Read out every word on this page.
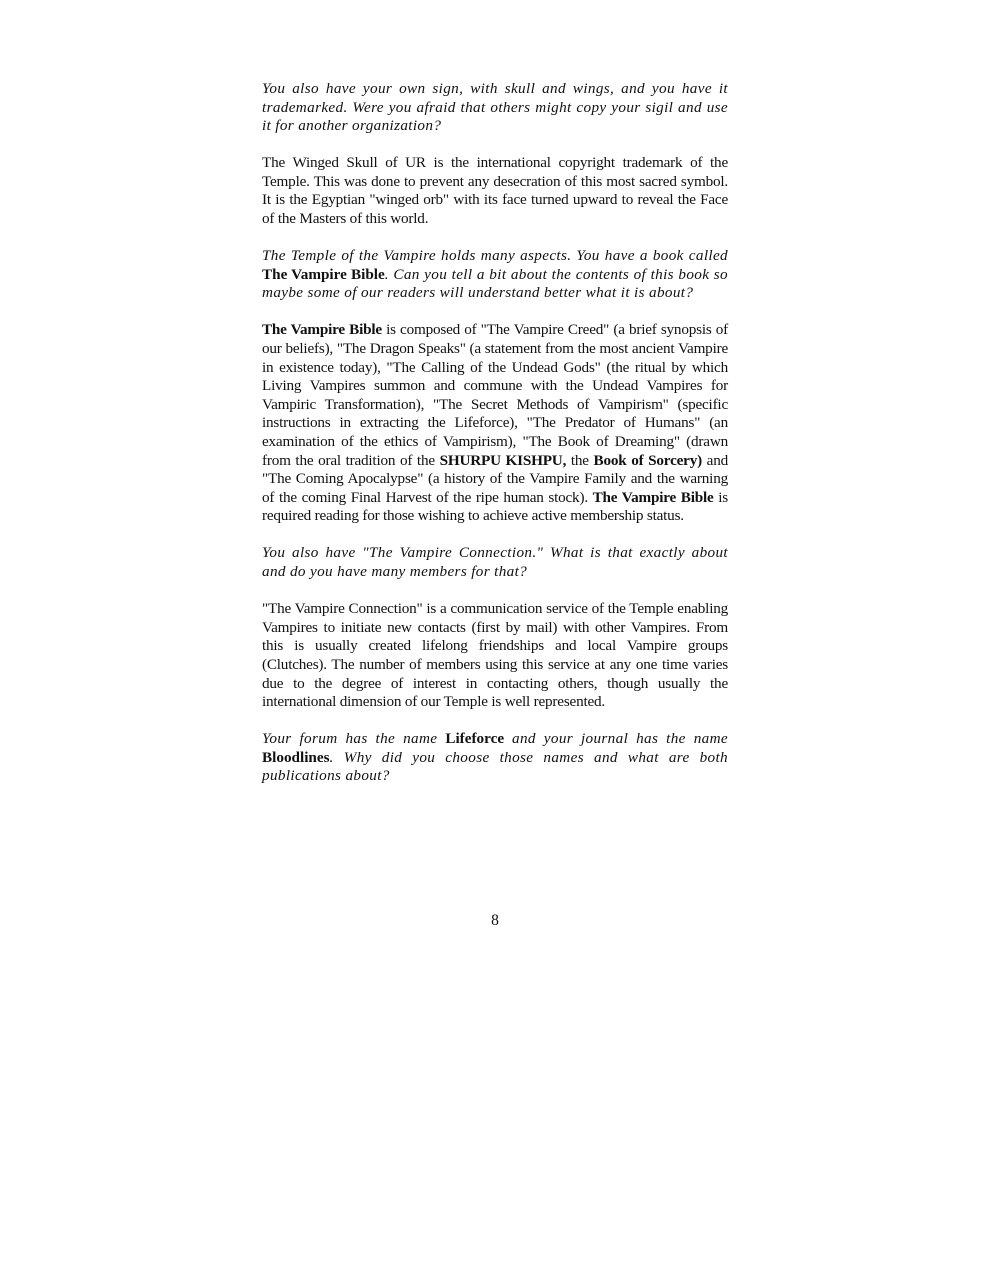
You also have your own sign, with skull and wings, and you have it trademarked. Were you afraid that others might copy your sigil and use it for another organization?

The Winged Skull of UR is the international copyright trademark of the Temple. This was done to prevent any desecration of this most sacred symbol. It is the Egyptian "winged orb" with its face turned upward to reveal the Face of the Masters of this world.

The Temple of the Vampire holds many aspects. You have a book called The Vampire Bible. Can you tell a bit about the contents of this book so maybe some of our readers will understand better what it is about?

The Vampire Bible is composed of "The Vampire Creed" (a brief synopsis of our beliefs), "The Dragon Speaks" (a statement from the most ancient Vampire in existence today), "The Calling of the Undead Gods" (the ritual by which Living Vampires summon and commune with the Undead Vampires for Vampiric Transformation), "The Secret Methods of Vampirism" (specific instructions in extracting the Lifeforce), "The Predator of Humans" (an examination of the ethics of Vampirism), "The Book of Dreaming" (drawn from the oral tradition of the SHURPU KISHPU, the Book of Sorcery) and "The Coming Apocalypse" (a history of the Vampire Family and the warning of the coming Final Harvest of the ripe human stock). The Vampire Bible is required reading for those wishing to achieve active membership status.

You also have "The Vampire Connection." What is that exactly about and do you have many members for that?

"The Vampire Connection" is a communication service of the Temple enabling Vampires to initiate new contacts (first by mail) with other Vampires. From this is usually created lifelong friendships and local Vampire groups (Clutches). The number of members using this service at any one time varies due to the degree of interest in contacting others, though usually the international dimension of our Temple is well represented.

Your forum has the name Lifeforce and your journal has the name Bloodlines. Why did you choose those names and what are both publications about?

8
